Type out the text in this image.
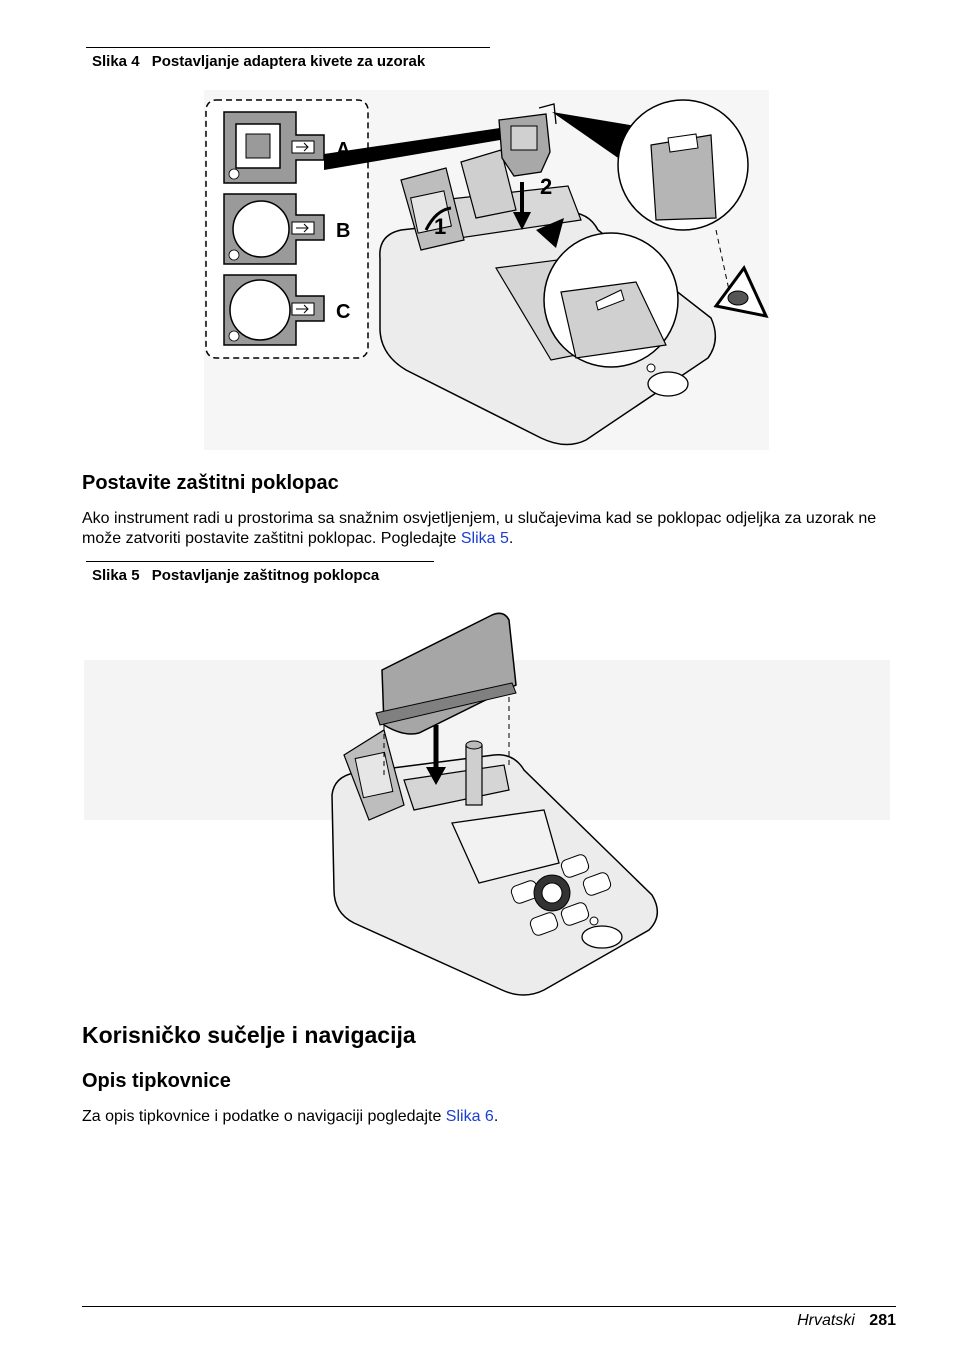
Slika 4 Postavljanje adaptera kivete za uzorak
A
B
C
2
1
Postavite zaštitni poklopac

Ako instrument radi u prostorima sa snažnim osvjetljenjem, u slučajevima kad se poklopac odjeljka za uzorak ne može zatvoriti postavite zaštitni poklopac. Pogledajte Slika 5.

Slika 5 Postavljanje zaštitnog poklopca
Korisničko sučelje i navigacija
Opis tipkovnice

Za opis tipkovnice i podatke o navigaciji pogledajte Slika 6.

Hrvatski 281
